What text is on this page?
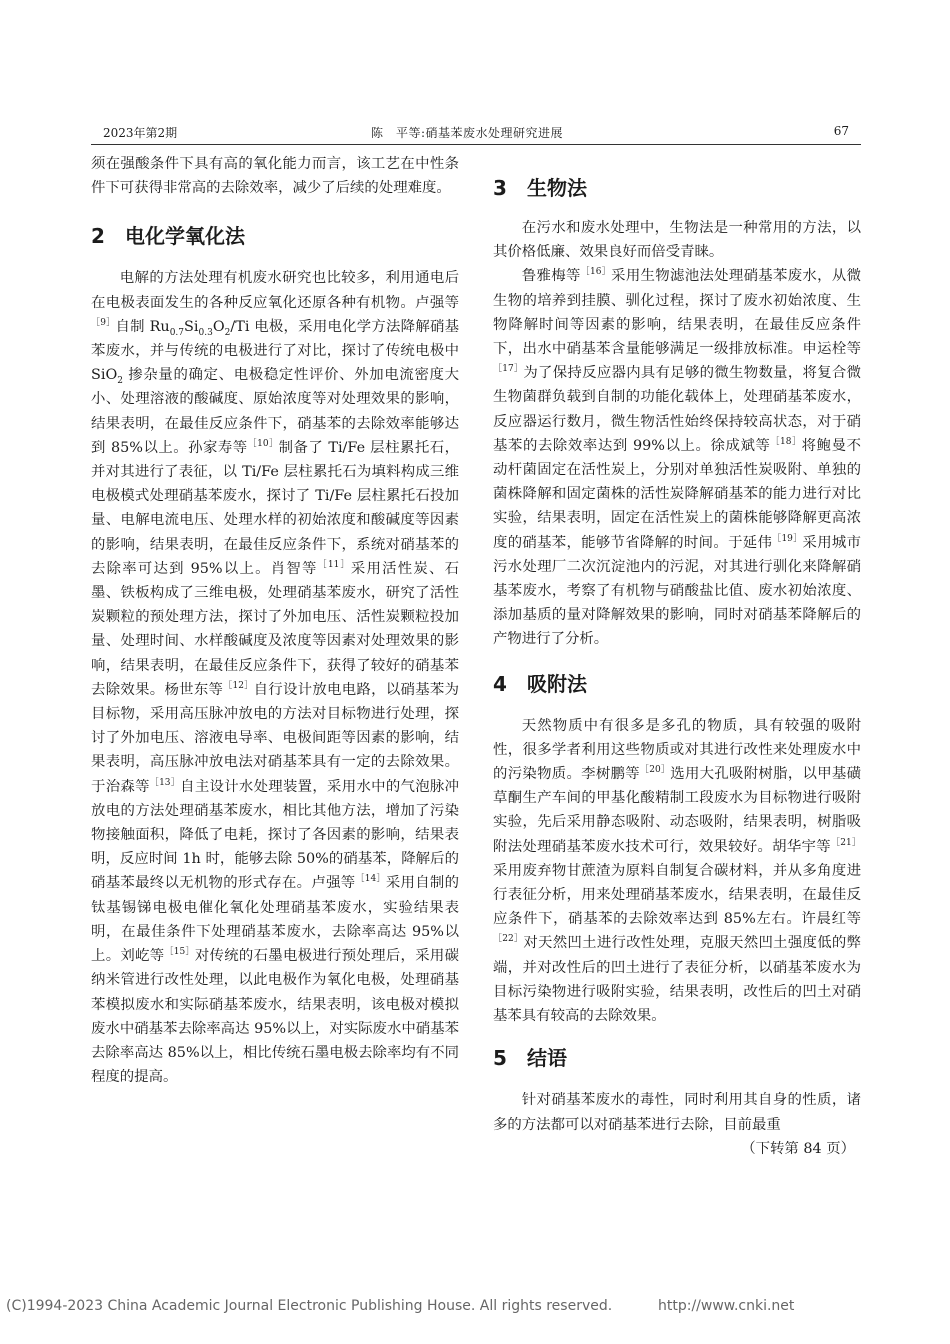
2023年第2期	陈　平等:硝基苯废水处理研究进展	67

须在强酸条件下具有高的氧化能力而言，该工艺在中性条件下可获得非常高的去除效率，减少了后续的处理难度。

2 电化学氧化法

电解的方法处理有机废水研究也比较多，利用通电后在电极表面发生的各种反应氧化还原各种有机物。卢强等$^{[9]}$自制 $Ru_{0.7}Si_{0.3}O_2/Ti$ 电极，采用电化学方法降解硝基苯废水，并与传统的电极进行了对比，探讨了传统电极中 SiO$_2$ 掺杂量的确定、电极稳定性评价、外加电流密度大小、处理溶液的酸碱度、原始浓度等对处理效果的影响，结果表明，在最佳反应条件下，硝基苯的去除效率能够达到 85%以上。孙家寿等$^{[10]}$制备了 Ti/Fe 层柱累托石，并对其进行了表征，以 Ti/Fe 层柱累托石为填料构成三维电极模式处理硝基苯废水，探讨了 Ti/Fe 层柱累托石投加量、电解电流电压、处理水样的初始浓度和酸碱度等因素的影响，结果表明，在最佳反应条件下，系统对硝基苯的去除率可达到 95%以上。肖智等$^{[11]}$采用活性炭、石墨、铁板构成了三维电极，处理硝基苯废水，研究了活性炭颗粒的预处理方法，探讨了外加电压、活性炭颗粒投加量、处理时间、水样酸碱度及浓度等因素对处理效果的影响，结果表明，在最佳反应条件下，获得了较好的硝基苯去除效果。杨世东等$^{[12]}$自行设计放电电路，以硝基苯为目标物，采用高压脉冲放电的方法对目标物进行处理，探讨了外加电压、溶液电导率、电极间距等因素的影响，结果表明，高压脉冲放电法对硝基苯具有一定的去除效果。于治森等$^{[13]}$自主设计水处理装置，采用水中的气泡脉冲放电的方法处理硝基苯废水，相比其他方法，增加了污染物接触面积，降低了电耗，探讨了各因素的影响，结果表明，反应时间 1h 时，能够去除 50%的硝基苯，降解后的硝基苯最终以无机物的形式存在。卢强等$^{[14]}$采用自制的钛基锡锑电极电催化氧化处理硝基苯废水，实验结果表明，在最佳条件下处理硝基苯废水，去除率高达 95%以上。刘屹等$^{[15]}$对传统的石墨电极进行预处理后，采用碳纳米管进行改性处理，以此电极作为氧化电极，处理硝基苯模拟废水和实际硝基苯废水，结果表明，该电极对模拟废水中硝基苯去除率高达 95%以上，对实际废水中硝基苯去除率高达 85%以上，相比传统石墨电极去除率均有不同程度的提高。

3 生物法

在污水和废水处理中，生物法是一种常用的方法，以其价格低廉、效果良好而倍受青睐。

鲁雅梅等$^{[16]}$采用生物滤池法处理硝基苯废水，从微生物的培养到挂膜、驯化过程，探讨了废水初始浓度、生物降解时间等因素的影响，结果表明，在最佳反应条件下，出水中硝基苯含量能够满足一级排放标准。申运栓等$^{[17]}$为了保持反应器内具有足够的微生物数量，将复合微生物菌群负载到自制的功能化载体上，处理硝基苯废水，反应器运行数月，微生物活性始终保持较高状态，对于硝基苯的去除效率达到 99%以上。徐成斌等$^{[18]}$将鲍曼不动杆菌固定在活性炭上，分别对单独活性炭吸附、单独的菌株降解和固定菌株的活性炭降解硝基苯的能力进行对比实验，结果表明，固定在活性炭上的菌株能够降解更高浓度的硝基苯，能够节省降解的时间。于延伟$^{[19]}$采用城市污水处理厂二次沉淀池内的污泥，对其进行驯化来降解硝基苯废水，考察了有机物与硝酸盐比值、废水初始浓度、添加基质的量对降解效果的影响，同时对硝基苯降解后的产物进行了分析。

4 吸附法

天然物质中有很多是多孔的物质，具有较强的吸附性，很多学者利用这些物质或对其进行改性来处理废水中的污染物质。李树鹏等$^{[20]}$选用大孔吸附树脂，以甲基磺草酮生产车间的甲基化酸精制工段废水为目标物进行吸附实验，先后采用静态吸附、动态吸附，结果表明，树脂吸附法处理硝基苯废水技术可行，效果较好。胡华宇等$^{[21]}$采用废弃物甘蔗渣为原料自制复合碳材料，并从多角度进行表征分析，用来处理硝基苯废水，结果表明，在最佳反应条件下，硝基苯的去除效率达到 85%左右。许晨红等$^{[22]}$对天然凹土进行改性处理，克服天然凹土强度低的弊端，并对改性后的凹土进行了表征分析，以硝基苯废水为目标污染物进行吸附实验，结果表明，改性后的凹土对硝基苯具有较高的去除效果。

5 结语

针对硝基苯废水的毒性，同时利用其自身的性质，诸多的方法都可以对硝基苯进行去除，目前最重

（下转第 84 页）

(C)1994-2023 China Academic Journal Electronic Publishing House. All rights reserved.	http://www.cnki.net
